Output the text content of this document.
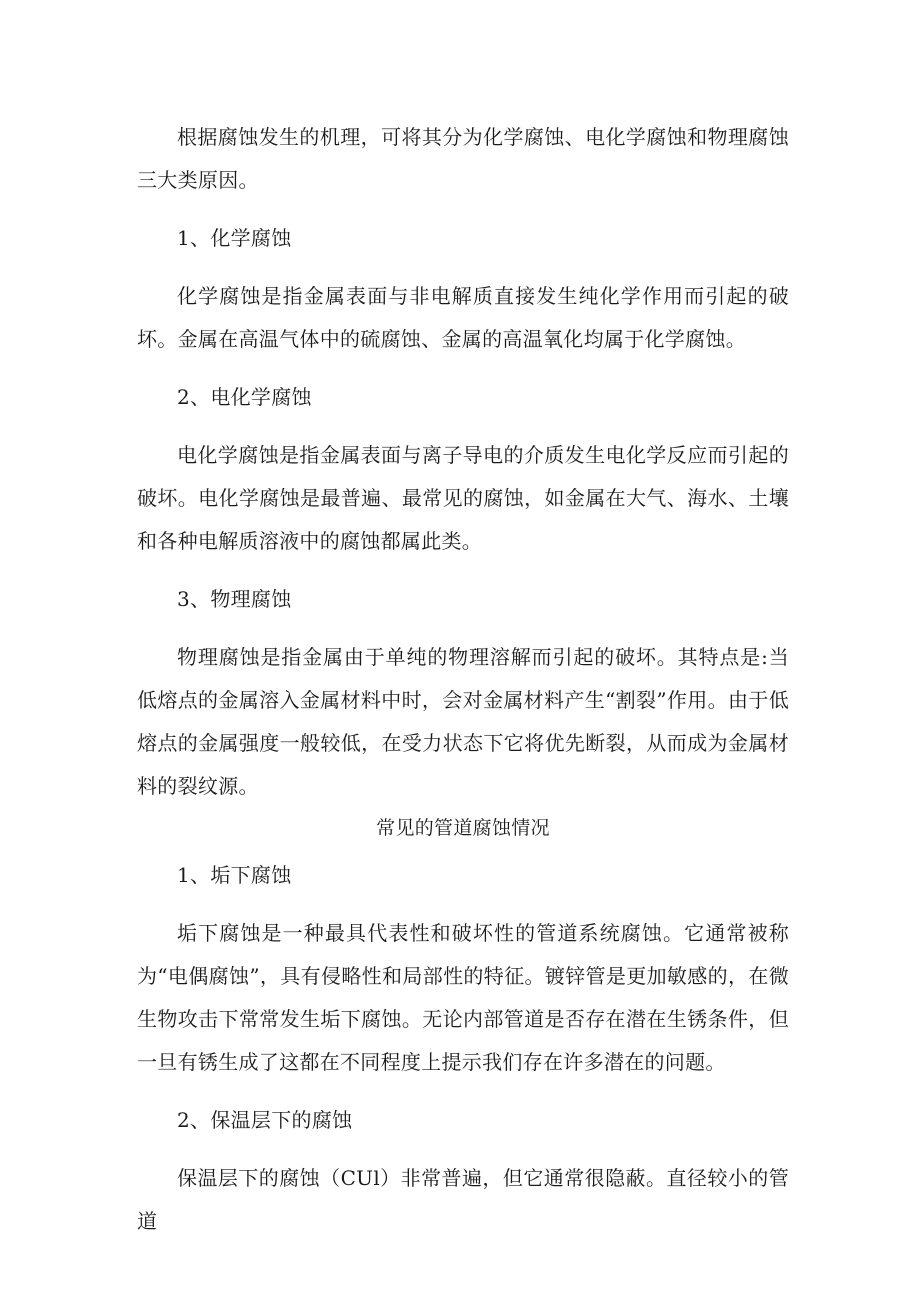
根据腐蚀发生的机理，可将其分为化学腐蚀、电化学腐蚀和物理腐蚀三大类原因。

1、化学腐蚀

化学腐蚀是指金属表面与非电解质直接发生纯化学作用而引起的破坏。金属在高温气体中的硫腐蚀、金属的高温氧化均属于化学腐蚀。

2、电化学腐蚀

电化学腐蚀是指金属表面与离子导电的介质发生电化学反应而引起的破坏。电化学腐蚀是最普遍、最常见的腐蚀，如金属在大气、海水、土壤和各种电解质溶液中的腐蚀都属此类。

3、物理腐蚀

物理腐蚀是指金属由于单纯的物理溶解而引起的破坏。其特点是:当低熔点的金属溶入金属材料中时，会对金属材料产生“割裂”作用。由于低熔点的金属强度一般较低，在受力状态下它将优先断裂，从而成为金属材料的裂纹源。

常见的管道腐蚀情况

1、垢下腐蚀

垢下腐蚀是一种最具代表性和破坏性的管道系统腐蚀。它通常被称为“电偶腐蚀”，具有侵略性和局部性的特征。镀锌管是更加敏感的，在微生物攻击下常常发生垢下腐蚀。无论内部管道是否存在潜在生锈条件，但一旦有锈生成了这都在不同程度上提示我们存在许多潜在的问题。

2、保温层下的腐蚀

保温层下的腐蚀（CUl）非常普遍，但它通常很隐蔽。直径较小的管道
